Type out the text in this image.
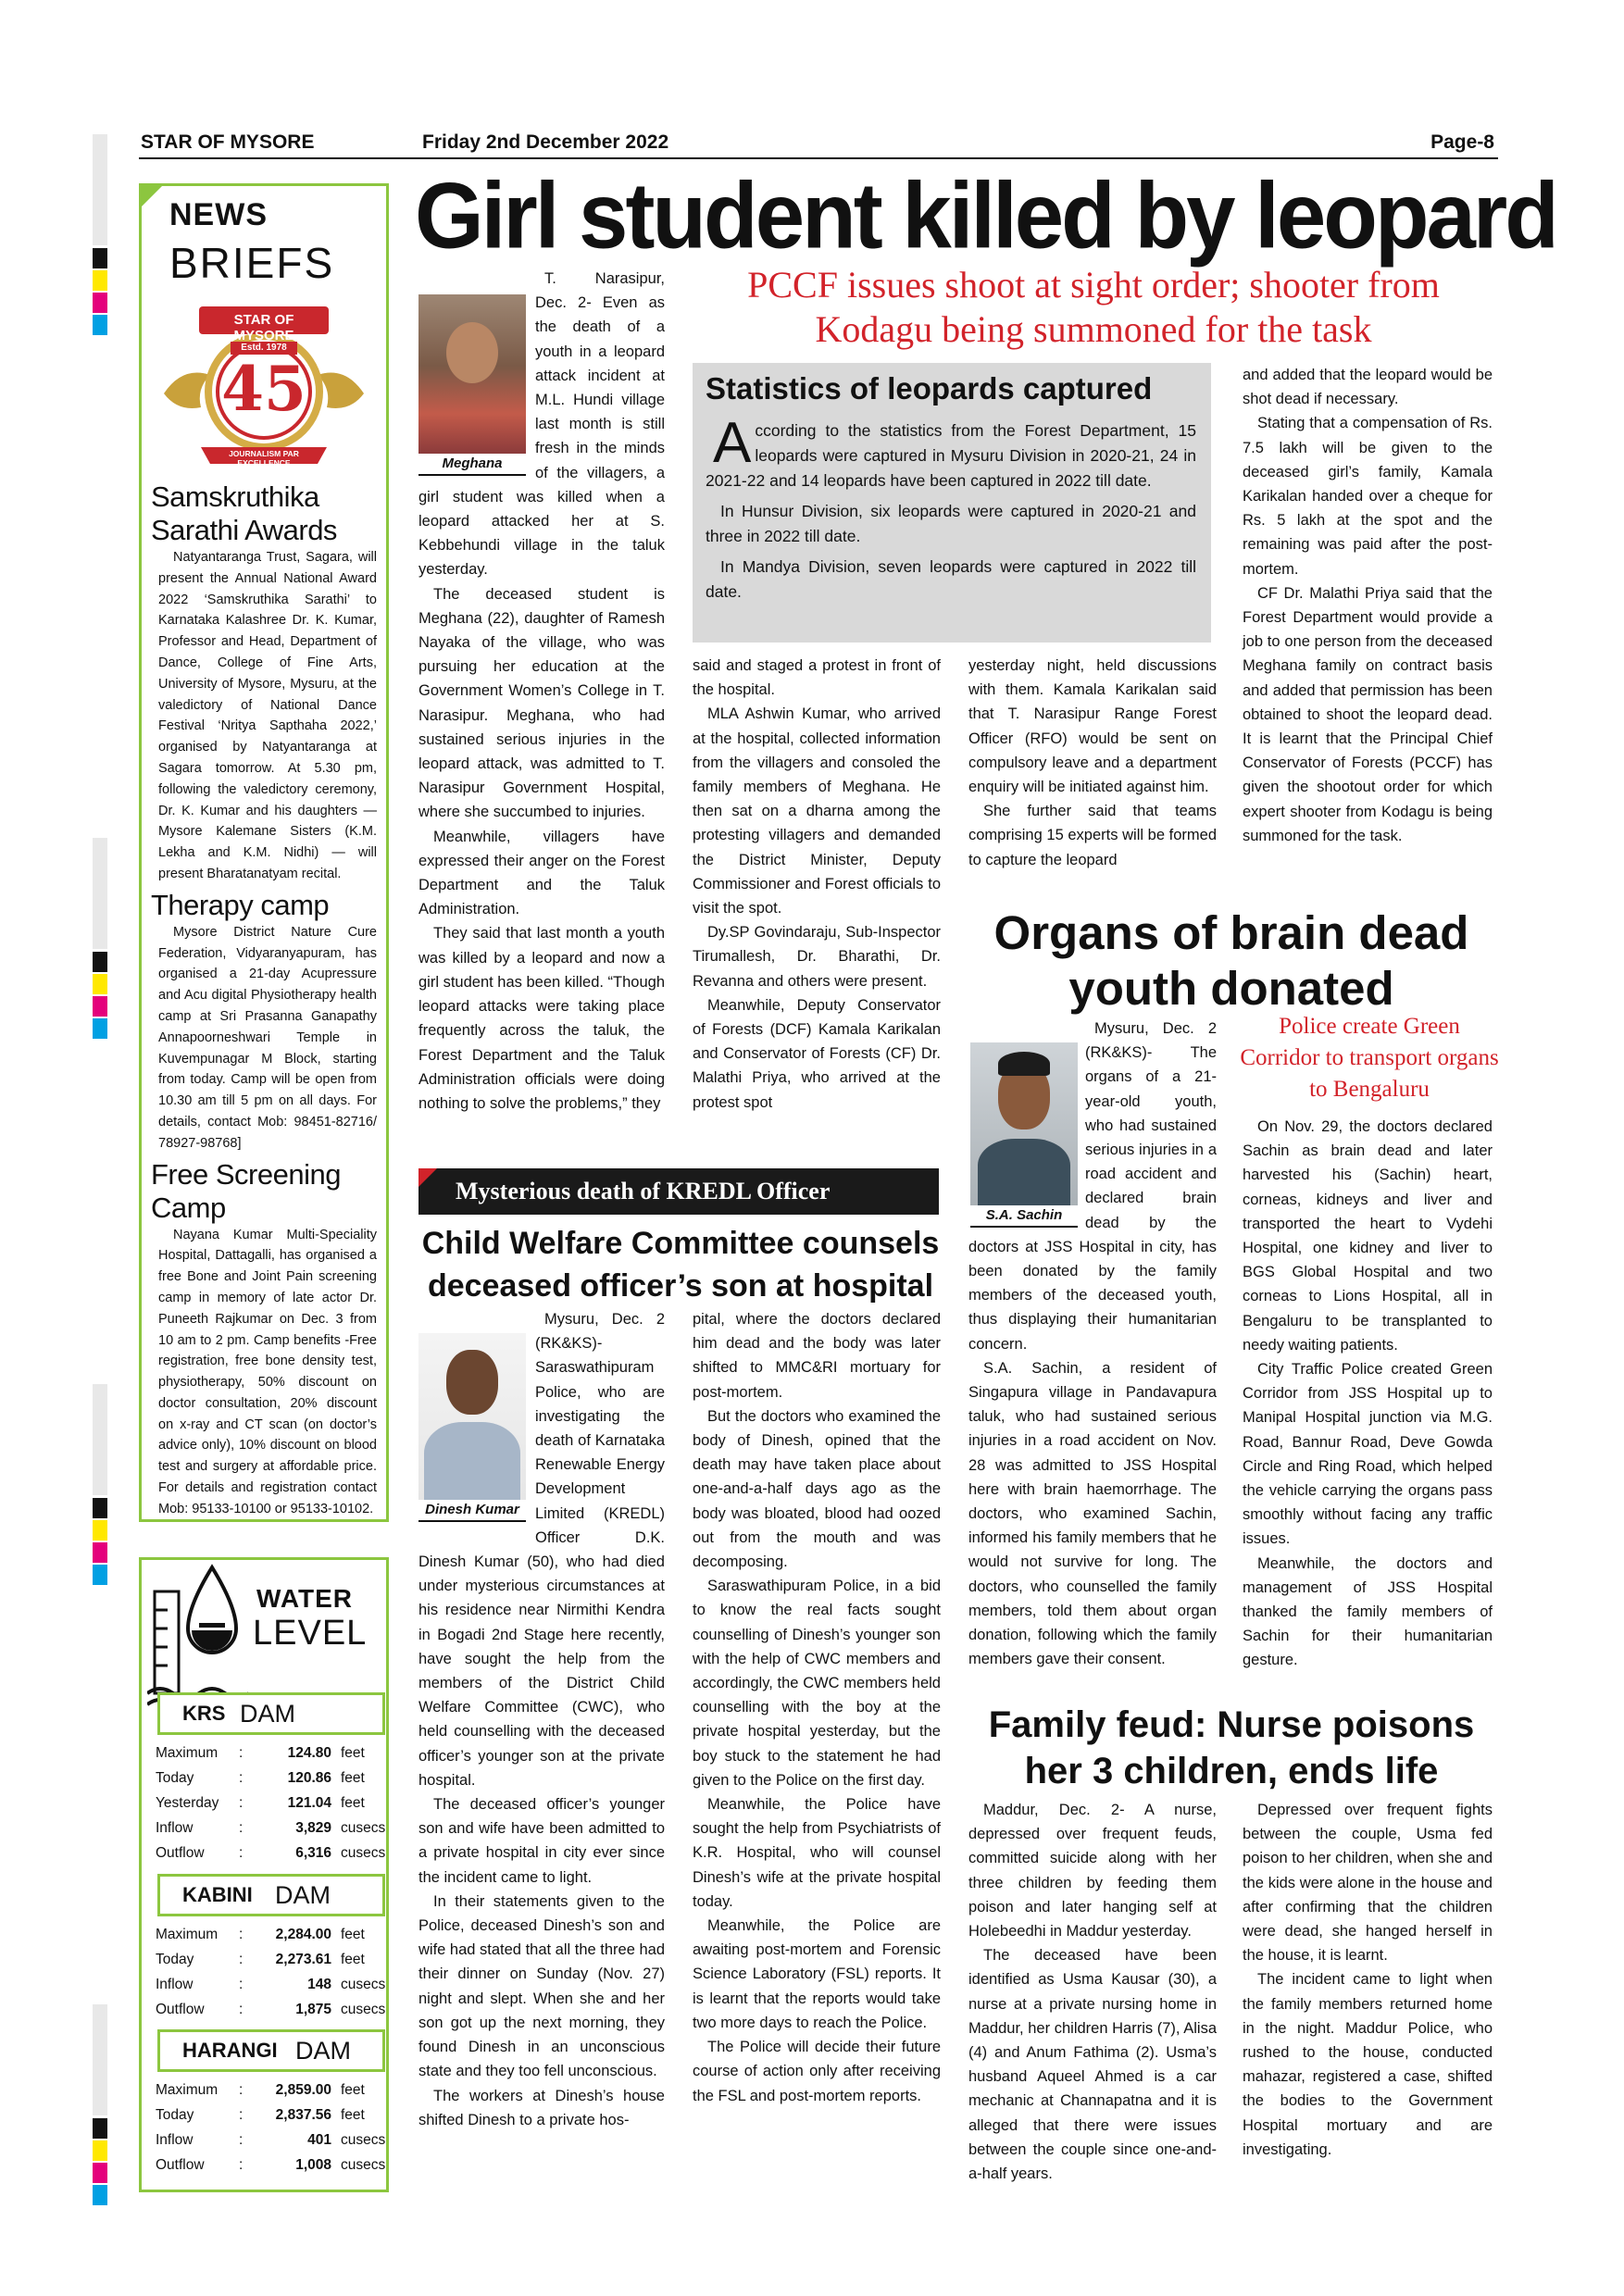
STAR OF MYSORE	Friday 2nd December 2022	Page-8
NEWS
BRIEFS
STAR OF MYSORE
Estd. 1978
45
JOURNALISM PAR EXCELLENCE

Samskruthika Sarathi Awards

Natyantaranga Trust, Sagara, will present the Annual National Award 2022 ‘Samskruthika Sarathi’ to Karnataka Kalashree Dr. K. Kumar, Professor and Head, Department of Dance, College of Fine Arts, University of Mysore, Mysuru, at the valedictory of National Dance Festival ‘Nritya Sapthaha 2022,’ organised by Natyantaranga at Sagara tomorrow. At 5.30 pm, following the valedictory ceremony, Dr. K. Kumar and his daughters — Mysore Kalemane Sisters (K.M. Lekha and K.M. Nidhi) — will present Bharatanatyam recital.

Therapy camp

Mysore District Nature Cure Federation, Vidyaranyapuram, has organised a 21-day Acupressure and Acu digital Physiotherapy health camp at Sri Prasanna Ganapathy Annapoorneshwari Temple in Kuvempunagar M Block, starting from today. Camp will be open from 10.30 am till 5 pm on all days. For details, contact Mob: 98451-82716/ 78927-98768]

Free Screening Camp

Nayana Kumar Multi-Speciality Hospital, Dattagalli, has organised a free Bone and Joint Pain screening camp in memory of late actor Dr. Puneeth Rajkumar on Dec. 3 from 10 am to 2 pm. Camp benefits -Free registration, free bone density test, physiotherapy, 50% discount on doctor consultation, 20% discount on x-ray and CT scan (on doctor’s advice only), 10% discount on blood test and surgery at affordable price. For details and registration contact Mob: 95133-10100 or 95133-10102.

WATER
LEVEL
KRS DAM
Maximum :	124.80 feet
Today	:	120.86 feet
Yesterday :	121.04 feet
Inflow	:	3,829 cusecs
Outflow :	6,316 cusecs
KABINI DAM
Maximum :	2,284.00 feet
Today	:	2,273.61 feet
Inflow	:	148 cusecs
Outflow :	1,875 cusecs
HARANGI DAM
Maximum :	2,859.00 feet
Today	:	2,837.56 feet
Inflow	:	401 cusecs
Outflow :	1,008 cusecs
Girl student killed by leopard
PCCF issues shoot at sight order; shooter from Kodagu being summoned for the task
Meghana

T. Narasipur, Dec. 2- Even as the death of a youth in a leopard attack incident at M.L. Hundi village last month is still fresh in the minds of the villagers, a girl student was killed when a leopard attacked her at S. Kebbehundi village in the taluk yesterday.

The deceased student is Meghana (22), daughter of Ramesh Nayaka of the village, who was pursuing her education at the Government Women’s College in T. Narasipur. Meghana, who had sustained serious injuries in the leopard attack, was admitted to T. Narasipur Government Hospital, where she succumbed to injuries.

Meanwhile, villagers have expressed their anger on the Forest Department and the Taluk Administration.

They said that last month a youth was killed by a leopard and now a girl student has been killed. “Though leopard attacks were taking place frequently across the taluk, the Forest Department and the Taluk Administration officials were doing nothing to solve the problems,” they

Statistics of leopards captured

According to the statistics from the Forest Department, 15 leopards were captured in Mysuru Division in 2020-21, 24 in 2021-22 and 14 leopards have been captured in 2022 till date.

In Hunsur Division, six leopards were captured in 2020-21 and three in 2022 till date.

In Mandya Division, seven leopards were captured in 2022 till date.

said and staged a protest in front of the hospital.

MLA Ashwin Kumar, who arrived at the hospital, collected information from the villagers and consoled the family members of Meghana. He then sat on a dharna among the protesting villagers and demanded the District Minister, Deputy Commissioner and Forest officials to visit the spot.

Dy.SP Govindaraju, Sub-Inspector Tirumallesh, Dr. Bharathi, Dr. Revanna and others were present.

Meanwhile, Deputy Conservator of Forests (DCF) Kamala Karikalan and Conservator of Forests (CF) Dr. Malathi Priya, who arrived at the protest spot

yesterday night, held discussions with them. Kamala Karikalan said that T. Narasipur Range Forest Officer (RFO) would be sent on compulsory leave and a department enquiry will be initiated against him.

She further said that teams comprising 15 experts will be formed to capture the leopard

and added that the leopard would be shot dead if necessary.

Stating that a compensation of Rs. 7.5 lakh will be given to the deceased girl’s family, Kamala Karikalan handed over a cheque for Rs. 5 lakh at the spot and the remaining was paid after the post-mortem.

CF Dr. Malathi Priya said that the Forest Department would provide a job to one person from the deceased Meghana family on contract basis and added that permission has been obtained to shoot the leopard dead. It is learnt that the Principal Chief Conservator of Forests (PCCF) has given the shootout order for which expert shooter from Kodagu is being summoned for the task.

Mysterious death of KREDL Officer
Child Welfare Committee counsels deceased officer’s son at hospital
Dinesh Kumar

Mysuru, Dec. 2 (RK&KS)- Saraswathipuram Police, who are investigating the death of Karnataka Renewable Energy Development Limited (KREDL) Officer D.K. Dinesh Kumar (50), who had died under mysterious circumstances at his residence near Nirmithi Kendra in Bogadi 2nd Stage here recently, have sought the help from the members of the District Child Welfare Committee (CWC), who held counselling with the deceased officer’s younger son at the private hospital.

The deceased officer’s younger son and wife have been admitted to a private hospital in city ever since the incident came to light.

In their statements given to the Police, deceased Dinesh’s son and wife had stated that all the three had their dinner on Sunday (Nov. 27) night and slept. When she and her son got up the next morning, they found Dinesh in an unconscious state and they too fell unconscious.

The workers at Dinesh’s house shifted Dinesh to a private hos-

pital, where the doctors declared him dead and the body was later shifted to MMC&RI mortuary for post-mortem.

But the doctors who examined the body of Dinesh, opined that the death may have taken place about one-and-a-half days ago as the body was bloated, blood had oozed out from the mouth and was decomposing.

Saraswathipuram Police, in a bid to know the real facts sought counselling of Dinesh’s younger son with the help of CWC members and accordingly, the CWC members held counselling with the boy at the private hospital yesterday, but the boy stuck to the statement he had given to the Police on the first day.

Meanwhile, the Police have sought the help from Psychiatrists of K.R. Hospital, who will counsel Dinesh’s wife at the private hospital today.

Meanwhile, the Police are awaiting post-mortem and Forensic Science Laboratory (FSL) reports. It is learnt that the reports would take two more days to reach the Police.

The Police will decide their future course of action only after receiving the FSL and post-mortem reports.

Organs of brain dead youth donated
Police create Green Corridor to transport organs to Bengaluru
S.A. Sachin

Mysuru, Dec. 2 (RK&KS)- The organs of a 21-year-old youth, who had sustained serious injuries in a road accident and declared brain dead by the doctors at JSS Hospital in city, has been donated by the family members of the deceased youth, thus displaying their humanitarian concern.

S.A. Sachin, a resident of Singapura village in Pandavapura taluk, who had sustained serious injuries in a road accident on Nov. 28 was admitted to JSS Hospital here with brain haemorrhage. The doctors, who examined Sachin, informed his family members that he would not survive for long. The doctors, who counselled the family members, told them about organ donation, following which the family members gave their consent.

On Nov. 29, the doctors declared Sachin as brain dead and later harvested his (Sachin) heart, corneas, kidneys and liver and transported the heart to Vydehi Hospital, one kidney and liver to BGS Global Hospital and two corneas to Lions Hospital, all in Bengaluru to be transplanted to needy waiting patients.

City Traffic Police created Green Corridor from JSS Hospital up to Manipal Hospital junction via M.G. Road, Bannur Road, Deve Gowda Circle and Ring Road, which helped the vehicle carrying the organs pass smoothly without facing any traffic issues.

Meanwhile, the doctors and management of JSS Hospital thanked the family members of Sachin for their humanitarian gesture.

Family feud: Nurse poisons her 3 children, ends life

Maddur, Dec. 2- A nurse, depressed over frequent feuds, committed suicide along with her three children by feeding them poison and later hanging self at Holebeedhi in Maddur yesterday.

The deceased have been identified as Usma Kausar (30), a nurse at a private nursing home in Maddur, her children Harris (7), Alisa (4) and Anum Fathima (2). Usma’s husband Aqueel Ahmed is a car mechanic at Channapatna and it is alleged that there were issues between the couple since one-and-a-half years.

Depressed over frequent fights between the couple, Usma fed poison to her children, when she and the kids were alone in the house and after confirming that the children were dead, she hanged herself in the house, it is learnt.

The incident came to light when the family members returned home in the night. Maddur Police, who rushed to the house, conducted mahazar, registered a case, shifted the bodies to the Government Hospital mortuary and are investigating.
